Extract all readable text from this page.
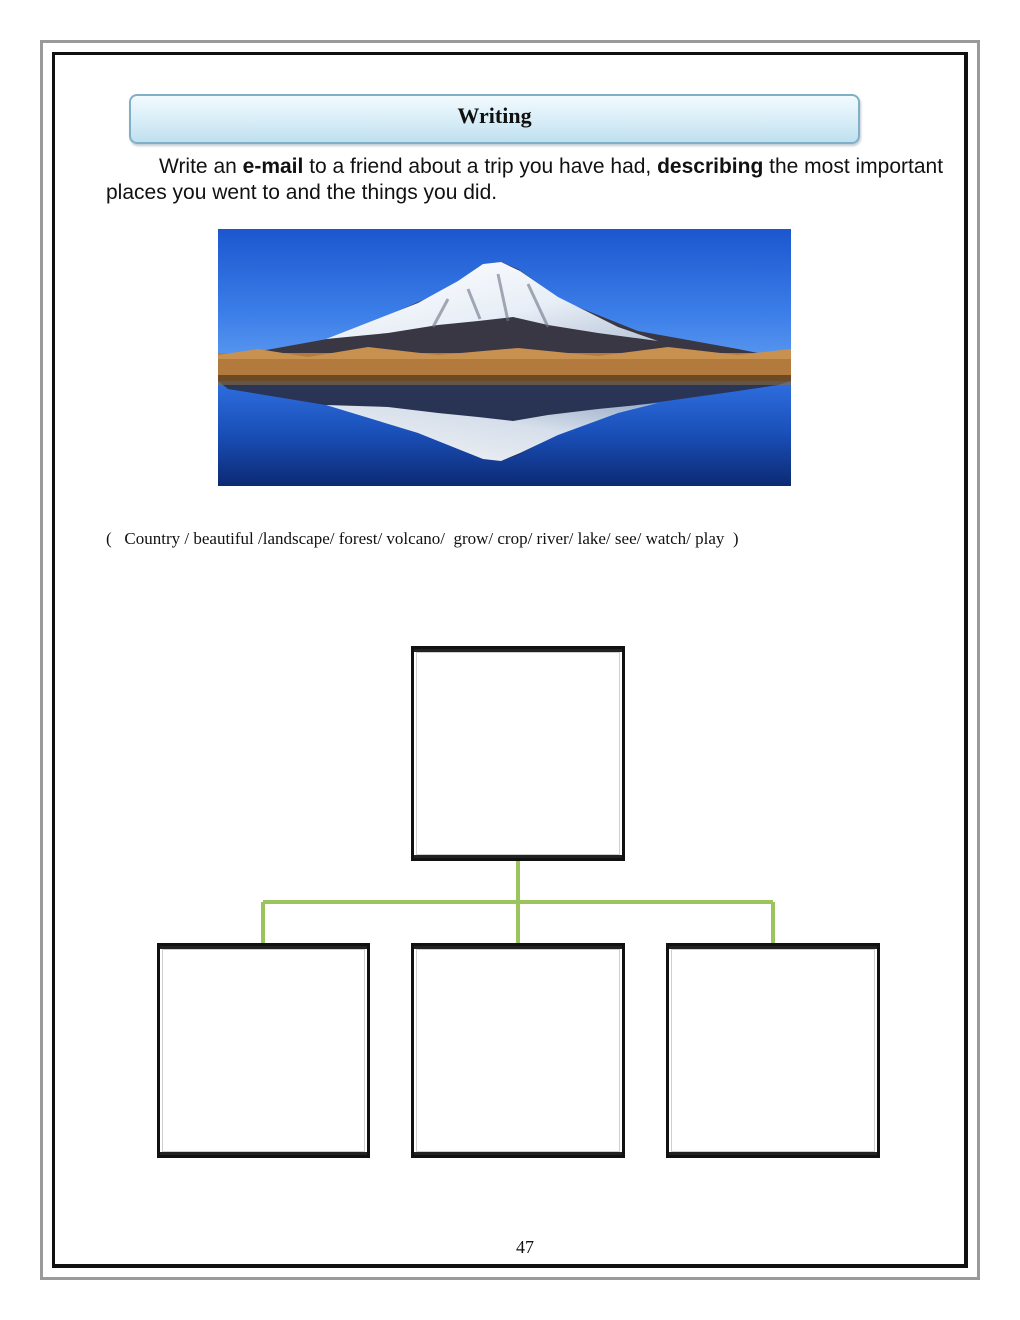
Writing

Write an e-mail to a friend about a trip you have had, describing the most important places you went to and the things you did.

(   Country / beautiful /landscape/ forest/ volcano/  grow/ crop/ river/ lake/ see/ watch/ play  )

47
